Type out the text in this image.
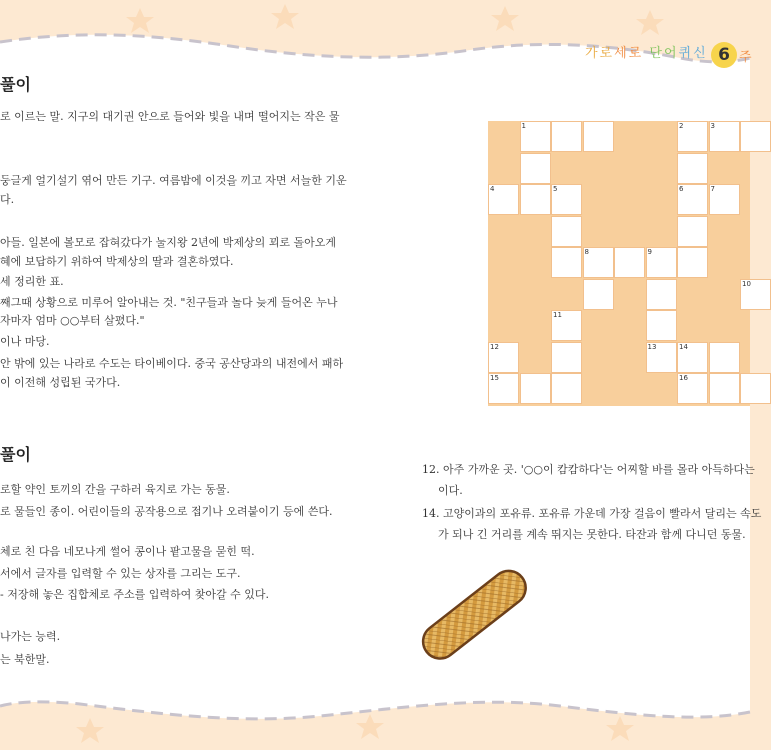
가로세로 단어퀴신 6 주
풀이

로 이르는 말. 지구의 대기권 안으로 들어와 빛을 내며 떨어지는 작은 물

둥글게 얼기설기 엮어 만든 기구. 여름밤에 이것을 끼고 자면 서늘한 기운

다.

아들. 일본에 볼모로 잡혀갔다가 눌지왕 2년에 박제상의 꾀로 돌아오게

혜에 보답하기 위하여 박제상의 딸과 결혼하였다.

세 정리한 표.

째그때 상황으로 미루어 알아내는 것. "친구들과 놀다 늦게 들어온 누나

자마자 엄마 ○○부터 살폈다."

이나 마당.

안 밖에 있는 나라로 수도는 타이베이다. 중국 공산당과의 내전에서 패하

이 이전해 성립된 국가다.

풀이

로할 약인 토끼의 간을 구하러 육지로 가는 동물.

로 물들인 종이. 어린이들의 공작용으로 접기나 오려붙이기 등에 쓴다.

체로 친 다음 네모나게 썰어 콩이나 팥고물을 묻힌 떡.

서에서 글자를 입력할 수 있는 상자를 그리는 도구.

- 저장해 놓은 집합체로 주소를 입력하여 찾아갈 수 있다.

나가는 능력.

는 북한말.

12. 아주 가까운 곳. '○○이 캄캄하다'는 어찌할 바를 몰라 아득하다는

이다.

14. 고양이과의 포유류. 포유류 가운데 가장 걸음이 빨라서 달리는 속도

가 되나 긴 거리를 계속 뛰지는 못한다. 타잔과 함께 다니던 동물.

1	2	3
4	5	6	7
8	9
10
11
12	13	14
15	16
